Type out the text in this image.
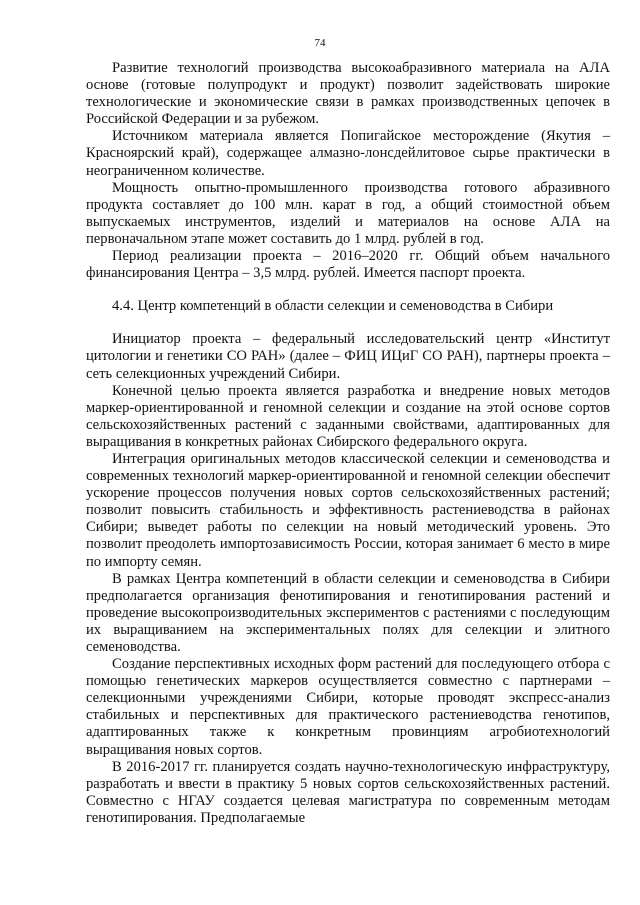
74

Развитие технологий производства высокоабразивного материала на АЛА основе (готовые полупродукт и продукт) позволит задействовать широкие технологические и экономические связи в рамках производственных цепочек в Российской Федерации и за рубежом.

Источником материала является Попигайское месторождение (Якутия – Красноярский край), содержащее алмазно-лонсдейлитовое сырье практически в неограниченном количестве.

Мощность опытно-промышленного производства готового абразивного продукта составляет до 100 млн. карат в год, а общий стоимостной объем выпускаемых инструментов, изделий и материалов на основе АЛА на первоначальном этапе может составить до 1 млрд. рублей в год.

Период реализации проекта – 2016–2020 гг. Общий объем начального финансирования Центра – 3,5 млрд. рублей. Имеется паспорт проекта.

4.4. Центр компетенций в области селекции и семеноводства в Сибири

Инициатор проекта – федеральный исследовательский центр «Институт цитологии и генетики СО РАН» (далее – ФИЦ ИЦиГ СО РАН), партнеры проекта – сеть селекционных учреждений Сибири.

Конечной целью проекта является разработка и внедрение новых методов маркер-ориентированной и геномной селекции и создание на этой основе сортов сельскохозяйственных растений с заданными свойствами, адаптированных для выращивания в конкретных районах Сибирского федерального округа.

Интеграция оригинальных методов классической селекции и семеноводства и современных технологий маркер-ориентированной и геномной селекции обеспечит ускорение процессов получения новых сортов сельскохозяйственных растений; позволит повысить стабильность и эффективность растениеводства в районах Сибири; выведет работы по селекции на новый методический уровень. Это позволит преодолеть импортозависимость России, которая занимает 6 место в мире по импорту семян.

В рамках Центра компетенций в области селекции и семеноводства в Сибири предполагается организация фенотипирования и генотипирования растений и проведение высокопроизводительных экспериментов с растениями с последующим их выращиванием на экспериментальных полях для селекции и элитного семеноводства.

Создание перспективных исходных форм растений для последующего отбора с помощью генетических маркеров осуществляется совместно с партнерами – селекционными учреждениями Сибири, которые проводят экспресс-анализ стабильных и перспективных для практического растениеводства генотипов, адаптированных также к конкретным провинциям агробиотехнологий выращивания новых сортов.

В 2016-2017 гг. планируется создать научно-технологическую инфраструктуру, разработать и ввести в практику 5 новых сортов сельскохозяйственных растений. Совместно с НГАУ создается целевая магистратура по современным методам генотипирования. Предполагаемые
